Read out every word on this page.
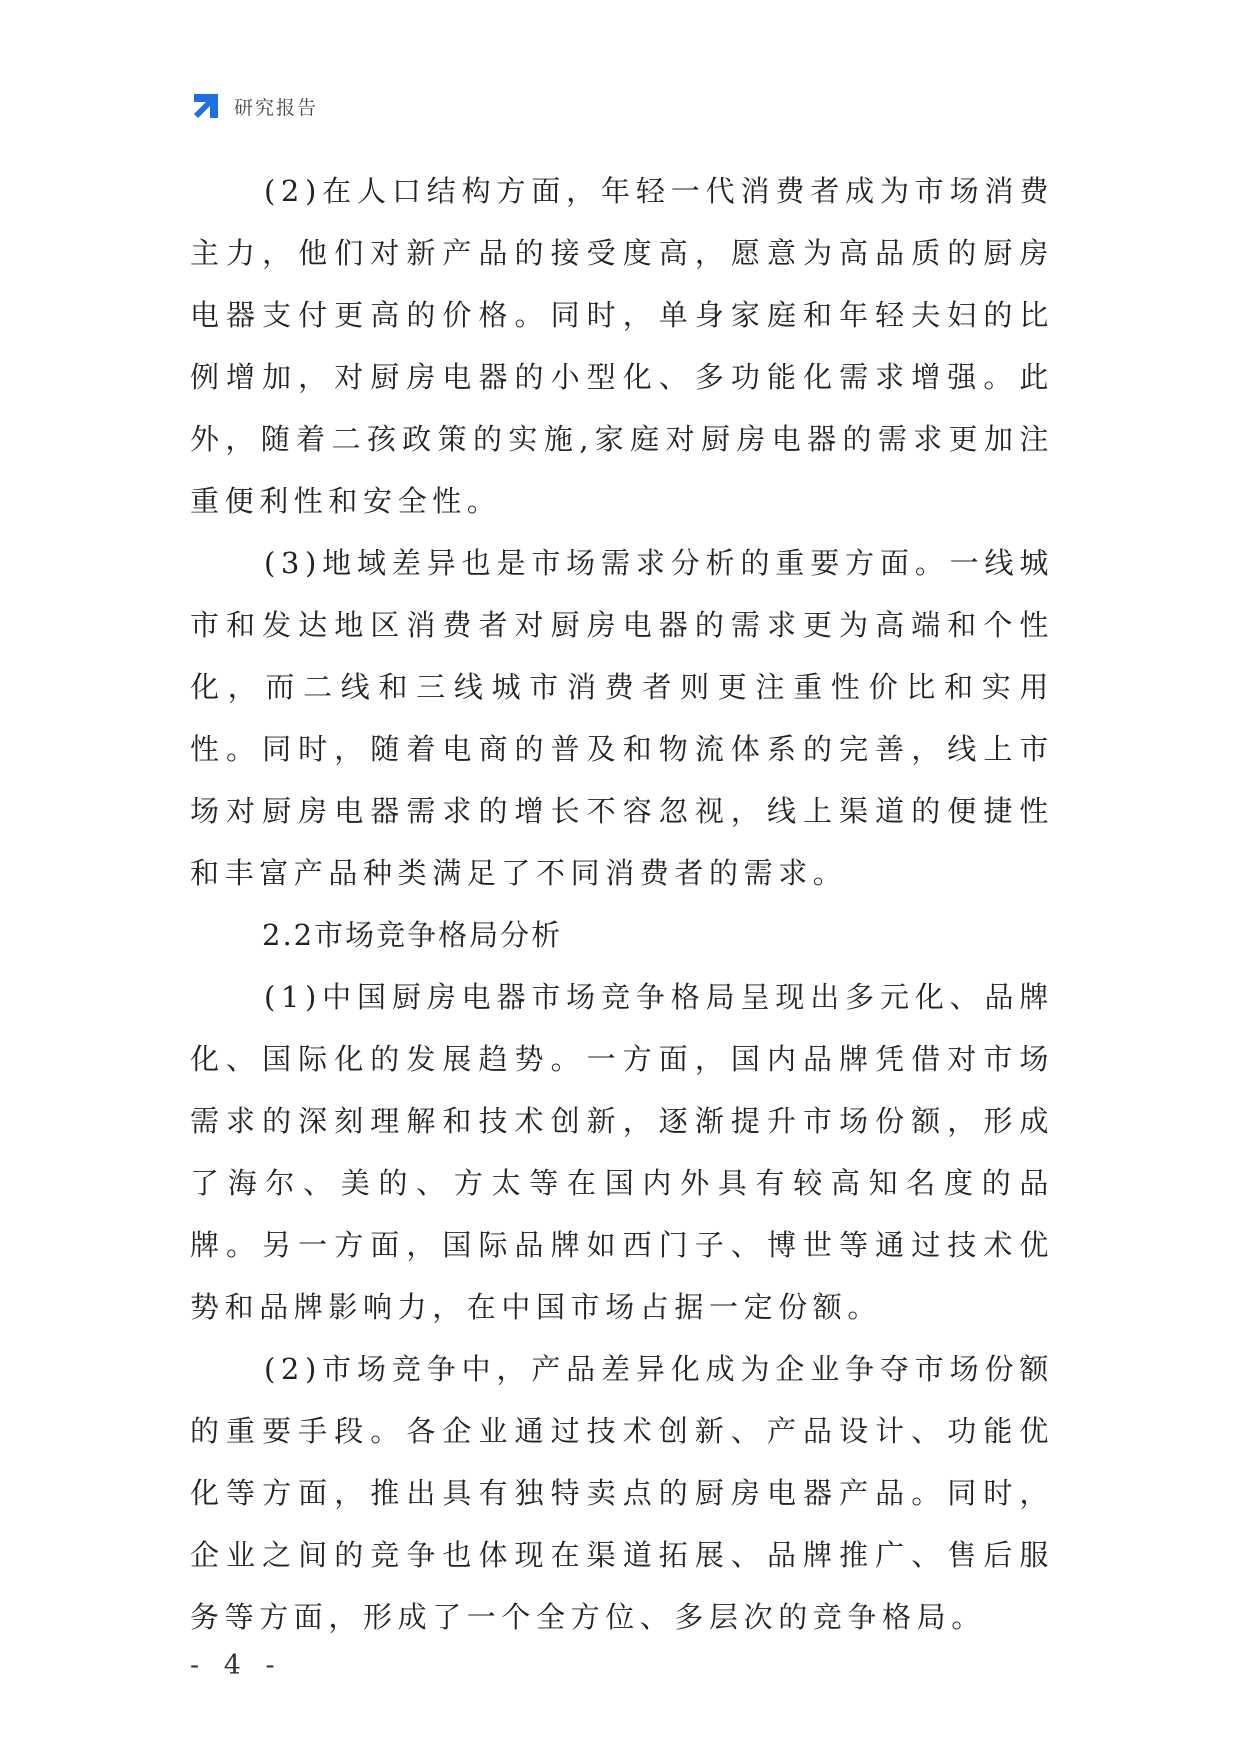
研究报告

(2)在人口结构方面，年轻一代消费者成为市场消费主力，他们对新产品的接受度高，愿意为高品质的厨房电器支付更高的价格。同时，单身家庭和年轻夫妇的比例增加，对厨房电器的小型化、多功能化需求增强。此外，随着二孩政策的实施,家庭对厨房电器的需求更加注重便利性和安全性。

(3)地域差异也是市场需求分析的重要方面。一线城市和发达地区消费者对厨房电器的需求更为高端和个性化，而二线和三线城市消费者则更注重性价比和实用性。同时，随着电商的普及和物流体系的完善，线上市场对厨房电器需求的增长不容忽视，线上渠道的便捷性和丰富产品种类满足了不同消费者的需求。

2.2市场竞争格局分析

(1)中国厨房电器市场竞争格局呈现出多元化、品牌化、国际化的发展趋势。一方面，国内品牌凭借对市场需求的深刻理解和技术创新，逐渐提升市场份额，形成了海尔、美的、方太等在国内外具有较高知名度的品牌。另一方面，国际品牌如西门子、博世等通过技术优势和品牌影响力，在中国市场占据一定份额。

(2)市场竞争中，产品差异化成为企业争夺市场份额的重要手段。各企业通过技术创新、产品设计、功能优化等方面，推出具有独特卖点的厨房电器产品。同时，企业之间的竞争也体现在渠道拓展、品牌推广、售后服务等方面，形成了一个全方位、多层次的竞争格局。

- 4 -
